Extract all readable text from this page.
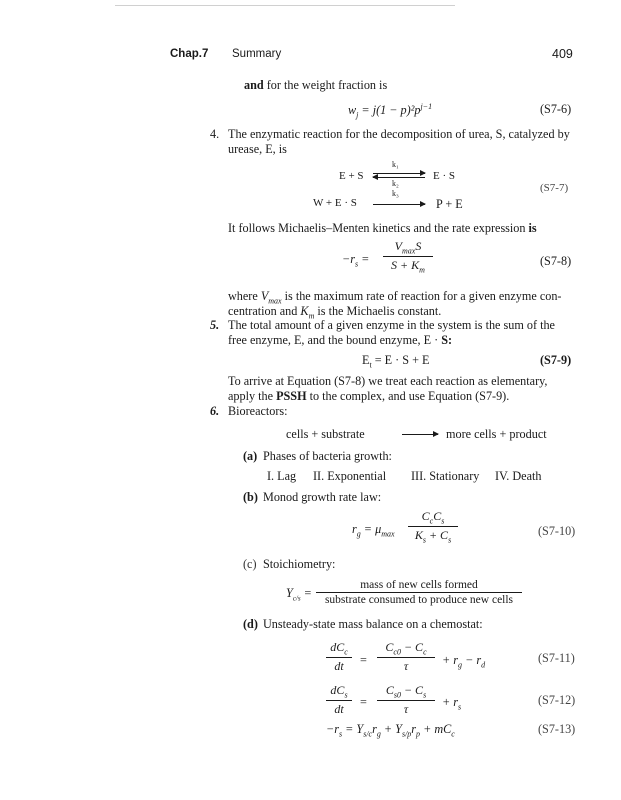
Chap.7 Summary	409
and for the weight fraction is
$w_j = j(1 - p)^2p^{j-1}$	(S7-6)
4. The enzymatic reaction for the decomposition of urea, S, catalyzed by
urease, E, is
E + S
k₁
k₂
E · S
k₃
W + E · S	P + E
(S7-7)
It follows Michaelis–Menten kinetics and the rate expression is
$-r_s$ =
$V_{max}S$
$S + K_m$
(S7-8)
where $V_{max}$ is the maximum rate of reaction for a given enzyme con-
centration and $K_m$ is the Michaelis constant.
5. The total amount of a given enzyme in the system is the sum of the
free enzyme, E, and the bound enzyme, E · S:
$E_t = E \cdot S + E$	(S7-9)
To arrive at Equation (S7-8) we treat each reaction as elementary,
apply the PSSH to the complex, and use Equation (S7-9).
6. Bioreactors:
cells + substrate	more cells + product
(a) Phases of bacteria growth:
I. Lag II. Exponential III. Stationary IV. Death
(b) Monod growth rate law:
$r_g = \mu_{max}$
$C_cC_s$
$K_s + C_s$
(S7-10)
(c) Stoichiometry:
$Y_{c/s}$ =
mass of new cells formed
substrate consumed to produce new cells
(d) Unsteady-state mass balance on a chemostat:
$dC_c$
dt =
$C_{c0} - C_c$
τ	+ $r_g - r_d$	(S7-11)
$dC_s$
dt
=
$C_{s0} - C_s$
τ
+ $r_s$	(S7-12)
$-r_s = Y_{s/c}r_g + Y_{s/p}r_p + mC_c$	(S7-13)
